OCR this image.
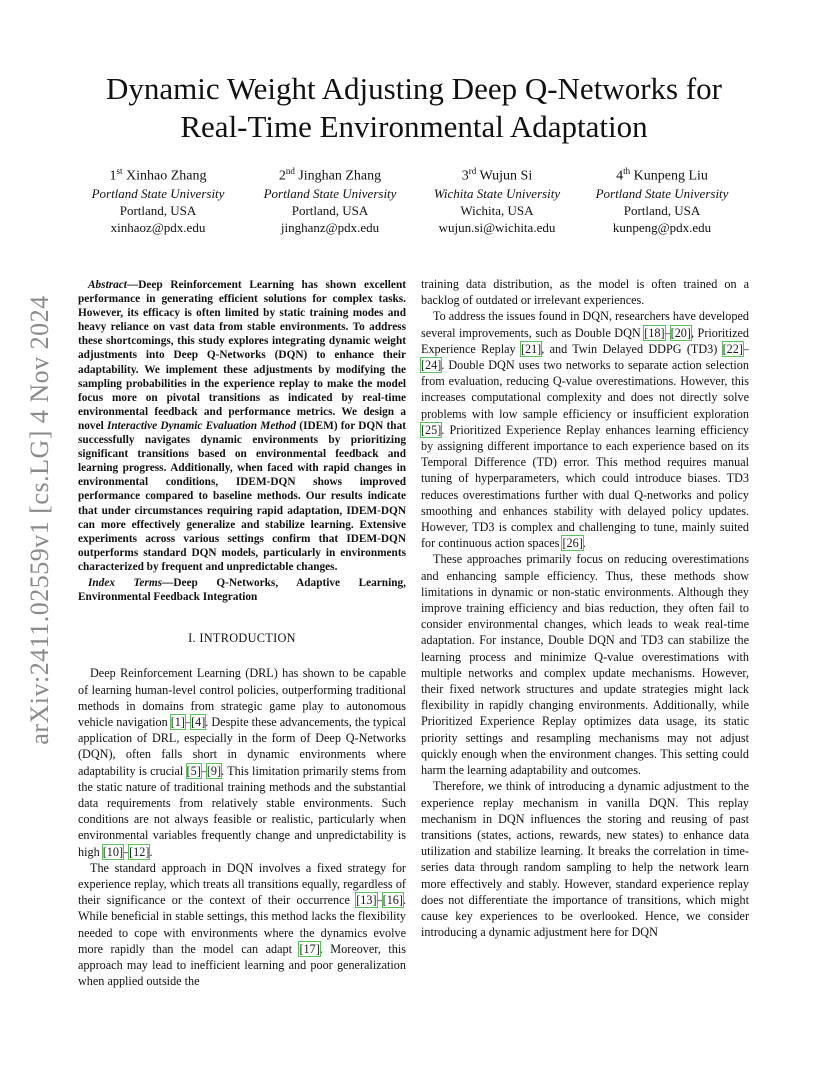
arXiv:2411.02559v1 [cs.LG] 4 Nov 2024
Dynamic Weight Adjusting Deep Q-Networks for
Real-Time Environmental Adaptation
1st Xinhao Zhang
Portland State University
Portland, USA
xinhaoz@pdx.edu
2nd Jinghan Zhang
Portland State University
Portland, USA
jinghanz@pdx.edu
3rd Wujun Si
Wichita State University
Wichita, USA
wujun.si@wichita.edu
4th Kunpeng Liu
Portland State University
Portland, USA
kunpeng@pdx.edu

Abstract—Deep Reinforcement Learning has shown excellent performance in generating efficient solutions for complex tasks. However, its efficacy is often limited by static training modes and heavy reliance on vast data from stable environments. To address these shortcomings, this study explores integrating dynamic weight adjustments into Deep Q-Networks (DQN) to enhance their adaptability. We implement these adjustments by modifying the sampling probabilities in the experience replay to make the model focus more on pivotal transitions as indicated by real-time environmental feedback and performance metrics. We design a novel Interactive Dynamic Evaluation Method (IDEM) for DQN that successfully navigates dynamic environments by prioritizing significant transitions based on environmental feedback and learning progress. Additionally, when faced with rapid changes in environmental conditions, IDEM-DQN shows improved performance compared to baseline methods. Our results indicate that under circumstances requiring rapid adaptation, IDEM-DQN can more effectively generalize and stabilize learning. Extensive experiments across various settings confirm that IDEM-DQN outperforms standard DQN models, particularly in environments characterized by frequent and unpredictable changes.

Index Terms—Deep Q-Networks, Adaptive Learning, Environmental Feedback Integration

I. INTRODUCTION

Deep Reinforcement Learning (DRL) has shown to be capable of learning human-level control policies, outperforming traditional methods in domains from strategic game play to autonomous vehicle navigation [1]–[4]. Despite these advancements, the typical application of DRL, especially in the form of Deep Q-Networks (DQN), often falls short in dynamic environments where adaptability is crucial [5]–[9]. This limitation primarily stems from the static nature of traditional training methods and the substantial data requirements from relatively stable environments. Such conditions are not always feasible or realistic, particularly when environmental variables frequently change and unpredictability is high [10]–[12].

The standard approach in DQN involves a fixed strategy for experience replay, which treats all transitions equally, regardless of their significance or the context of their occurrence [13]–[16]. While beneficial in stable settings, this method lacks the flexibility needed to cope with environments where the dynamics evolve more rapidly than the model can adapt [17]. Moreover, this approach may lead to inefficient learning and poor generalization when applied outside the

training data distribution, as the model is often trained on a backlog of outdated or irrelevant experiences.

To address the issues found in DQN, researchers have developed several improvements, such as Double DQN [18]–[20], Prioritized Experience Replay [21], and Twin Delayed DDPG (TD3) [22]–[24]. Double DQN uses two networks to separate action selection from evaluation, reducing Q-value overestimations. However, this increases computational complexity and does not directly solve problems with low sample efficiency or insufficient exploration [25]. Prioritized Experience Replay enhances learning efficiency by assigning different importance to each experience based on its Temporal Difference (TD) error. This method requires manual tuning of hyperparameters, which could introduce biases. TD3 reduces overestimations further with dual Q-networks and policy smoothing and enhances stability with delayed policy updates. However, TD3 is complex and challenging to tune, mainly suited for continuous action spaces [26].

These approaches primarily focus on reducing overestimations and enhancing sample efficiency. Thus, these methods show limitations in dynamic or non-static environments. Although they improve training efficiency and bias reduction, they often fail to consider environmental changes, which leads to weak real-time adaptation. For instance, Double DQN and TD3 can stabilize the learning process and minimize Q-value overestimations with multiple networks and complex update mechanisms. However, their fixed network structures and update strategies might lack flexibility in rapidly changing environments. Additionally, while Prioritized Experience Replay optimizes data usage, its static priority settings and resampling mechanisms may not adjust quickly enough when the environment changes. This setting could harm the learning adaptability and outcomes.

Therefore, we think of introducing a dynamic adjustment to the experience replay mechanism in vanilla DQN. This replay mechanism in DQN influences the storing and reusing of past transitions (states, actions, rewards, new states) to enhance data utilization and stabilize learning. It breaks the correlation in time-series data through random sampling to help the network learn more effectively and stably. However, standard experience replay does not differentiate the importance of transitions, which might cause key experiences to be overlooked. Hence, we consider introducing a dynamic adjustment here for DQN
